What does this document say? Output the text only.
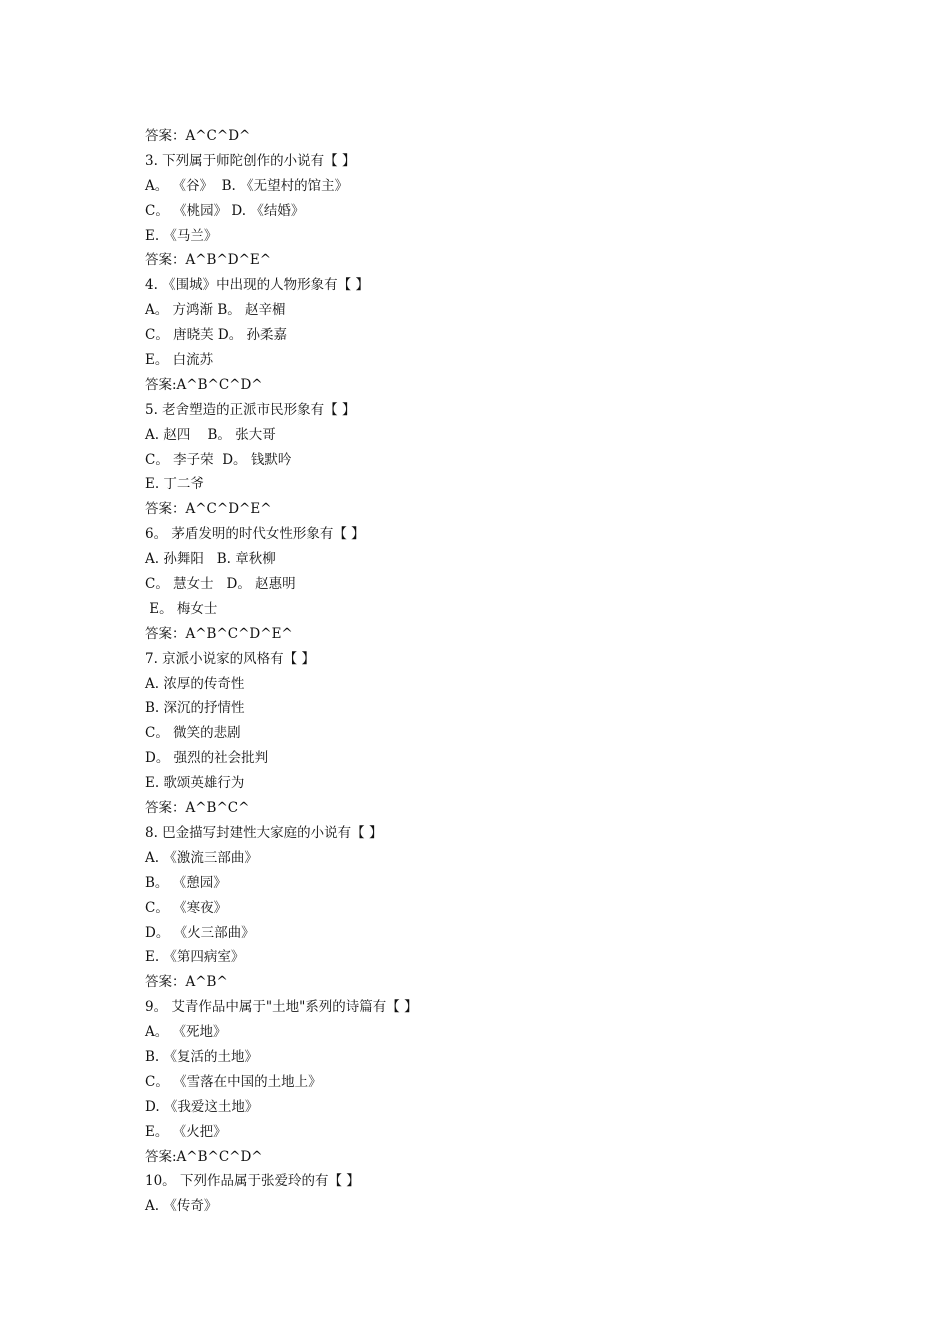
答案：A^C^D^
3. 下列属于师陀创作的小说有【 】
A。 《谷》  B. 《无望村的馆主》
C。 《桃园》 D. 《结婚》
E. 《马兰》
答案：A^B^D^E^
4. 《围城》中出现的人物形象有【 】
A。 方鸿渐 B。 赵辛楣
C。 唐晓芙 D。 孙柔嘉
E。 白流苏
答案:A^B^C^D^
5. 老舍塑造的正派市民形象有【 】
A. 赵四    B。 张大哥
C。 李子荣  D。 钱默吟
E. 丁二爷
答案：A^C^D^E^
6。 茅盾发明的时代女性形象有【 】
A. 孙舞阳   B. 章秋柳
C。 慧女士   D。 赵惠明
E。 梅女士
答案：A^B^C^D^E^
7. 京派小说家的风格有【 】
A. 浓厚的传奇性
B. 深沉的抒情性
C。 微笑的悲剧
D。 强烈的社会批判
E. 歌颂英雄行为
答案：A^B^C^
8. 巴金描写封建性大家庭的小说有【 】
A. 《激流三部曲》
B。 《憩园》
C。 《寒夜》
D。 《火三部曲》
E. 《第四病室》
答案：A^B^
9。 艾青作品中属于"土地"系列的诗篇有【 】
A。 《死地》
B. 《复活的土地》
C。 《雪落在中国的土地上》
D. 《我爱这土地》
E。 《火把》
答案:A^B^C^D^
10。 下列作品属于张爱玲的有【 】
A. 《传奇》
